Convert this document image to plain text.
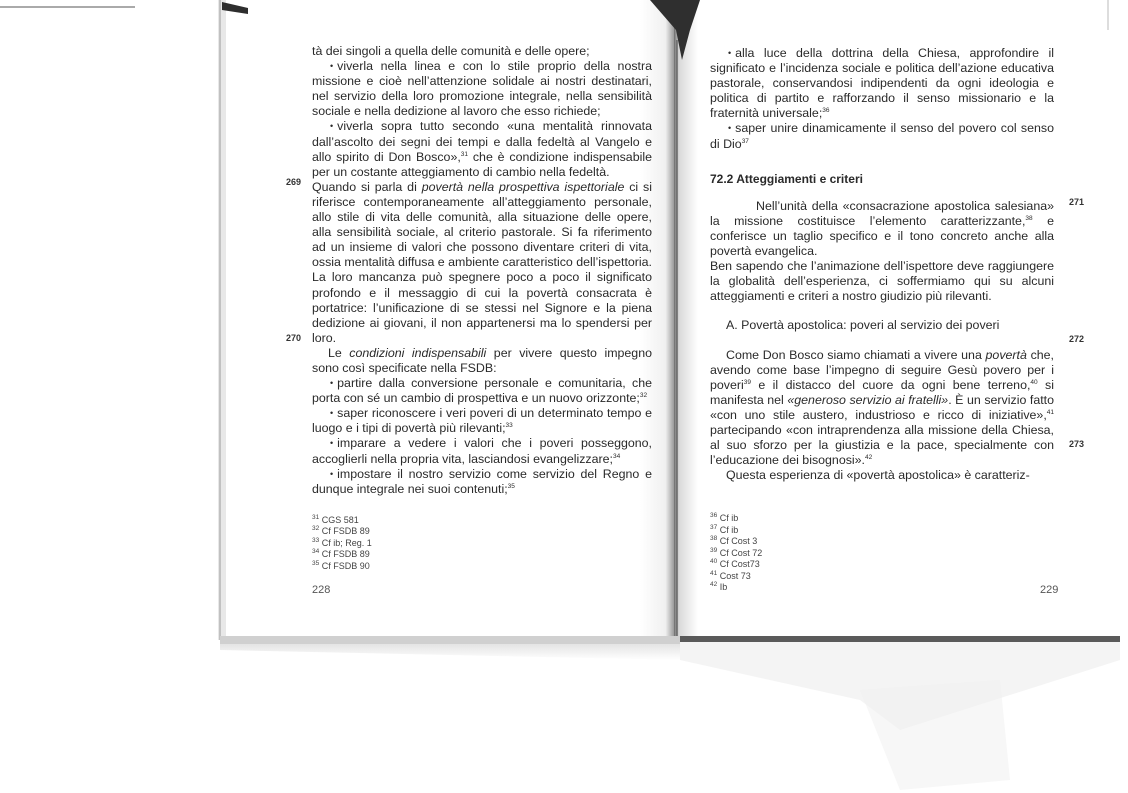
269
270

tà dei singoli a quella delle comunità e delle opere;

• viverla nella linea e con lo stile proprio della nostra missione e cioè nell’attenzione solidale ai nostri destinatari, nel servizio della loro promozione integrale, nella sensibilità sociale e nella dedizione al lavoro che esso richiede;

• viverla sopra tutto secondo «una mentalità rinnovata dall’ascolto dei segni dei tempi e dalla fedeltà al Vangelo e allo spirito di Don Bosco»,$^{31}$ che è condizione indispensabile per un costante atteggiamento di cambio nella fedeltà.

Quando si parla di povertà nella prospettiva ispettoriale ci si riferisce contemporaneamente all’atteggiamento personale, allo stile di vita delle comunità, alla situazione delle opere, alla sensibilità sociale, al criterio pastorale. Si fa riferimento ad un insieme di valori che possono diventare criteri di vita, ossia mentalità diffusa e ambiente caratteristico dell’ispettoria. La loro mancanza può spegnere poco a poco il significato profondo e il messaggio di cui la povertà consacrata è portatrice: l’unificazione di se stessi nel Signore e la piena dedizione ai giovani, il non appartenersi ma lo spendersi per loro.

Le condizioni indispensabili per vivere questo impegno sono così specificate nella FSDB:

• partire dalla conversione personale e comunitaria, che porta con sé un cambio di prospettiva e un nuovo orizzonte;$^{32}$

• saper riconoscere i veri poveri di un determinato tempo e luogo e i tipi di povertà più rilevanti;$^{33}$

• imparare a vedere i valori che i poveri posseggono, accoglierli nella propria vita, lasciandosi evangelizzare;$^{34}$

• impostare il nostro servizio come servizio del Regno e dunque integrale nei suoi contenuti;$^{35}$

$^{31}$ CGS 581
$^{32}$ Cf FSDB 89
$^{33}$ Cf ib; Reg. 1
$^{34}$ Cf FSDB 89
$^{35}$ Cf FSDB 90
228
271
272
273

• alla luce della dottrina della Chiesa, approfondire il significato e l’incidenza sociale e politica dell’azione educativa pastorale, conservandosi indipendenti da ogni ideologia e politica di partito e rafforzando il senso missionario e la fraternità universale;$^{36}$

• saper unire dinamicamente il senso del povero col senso di Dio$^{37}$

72.2 Atteggiamenti e criteri

Nell’unità della «consacrazione apostolica salesiana» la missione costituisce l’elemento caratterizzante,$^{38}$ e conferisce un taglio specifico e il tono concreto anche alla povertà evangelica.

Ben sapendo che l’animazione dell’ispettore deve raggiungere la globalità dell’esperienza, ci soffermiamo qui su alcuni atteggiamenti e criteri a nostro giudizio più rilevanti.

A. Povertà apostolica: poveri al servizio dei poveri

Come Don Bosco siamo chiamati a vivere una povertà che, avendo come base l’impegno di seguire Gesù povero per i poveri$^{39}$ e il distacco del cuore da ogni bene terreno,$^{40}$ si manifesta nel «generoso servizio ai fratelli». È un servizio fatto «con uno stile austero, industrioso e ricco di iniziative»,$^{41}$ partecipando «con intraprendenza alla missione della Chiesa, al suo sforzo per la giustizia e la pace, specialmente con l’educazione dei bisognosi».$^{42}$

Questa esperienza di «povertà apostolica» è caratteriz-

$^{36}$ Cf ib
$^{37}$ Cf ib
$^{38}$ Cf Cost 3
$^{39}$ Cf Cost 72
$^{40}$ Cf Cost73
$^{41}$ Cost 73
$^{42}$ Ib	229
